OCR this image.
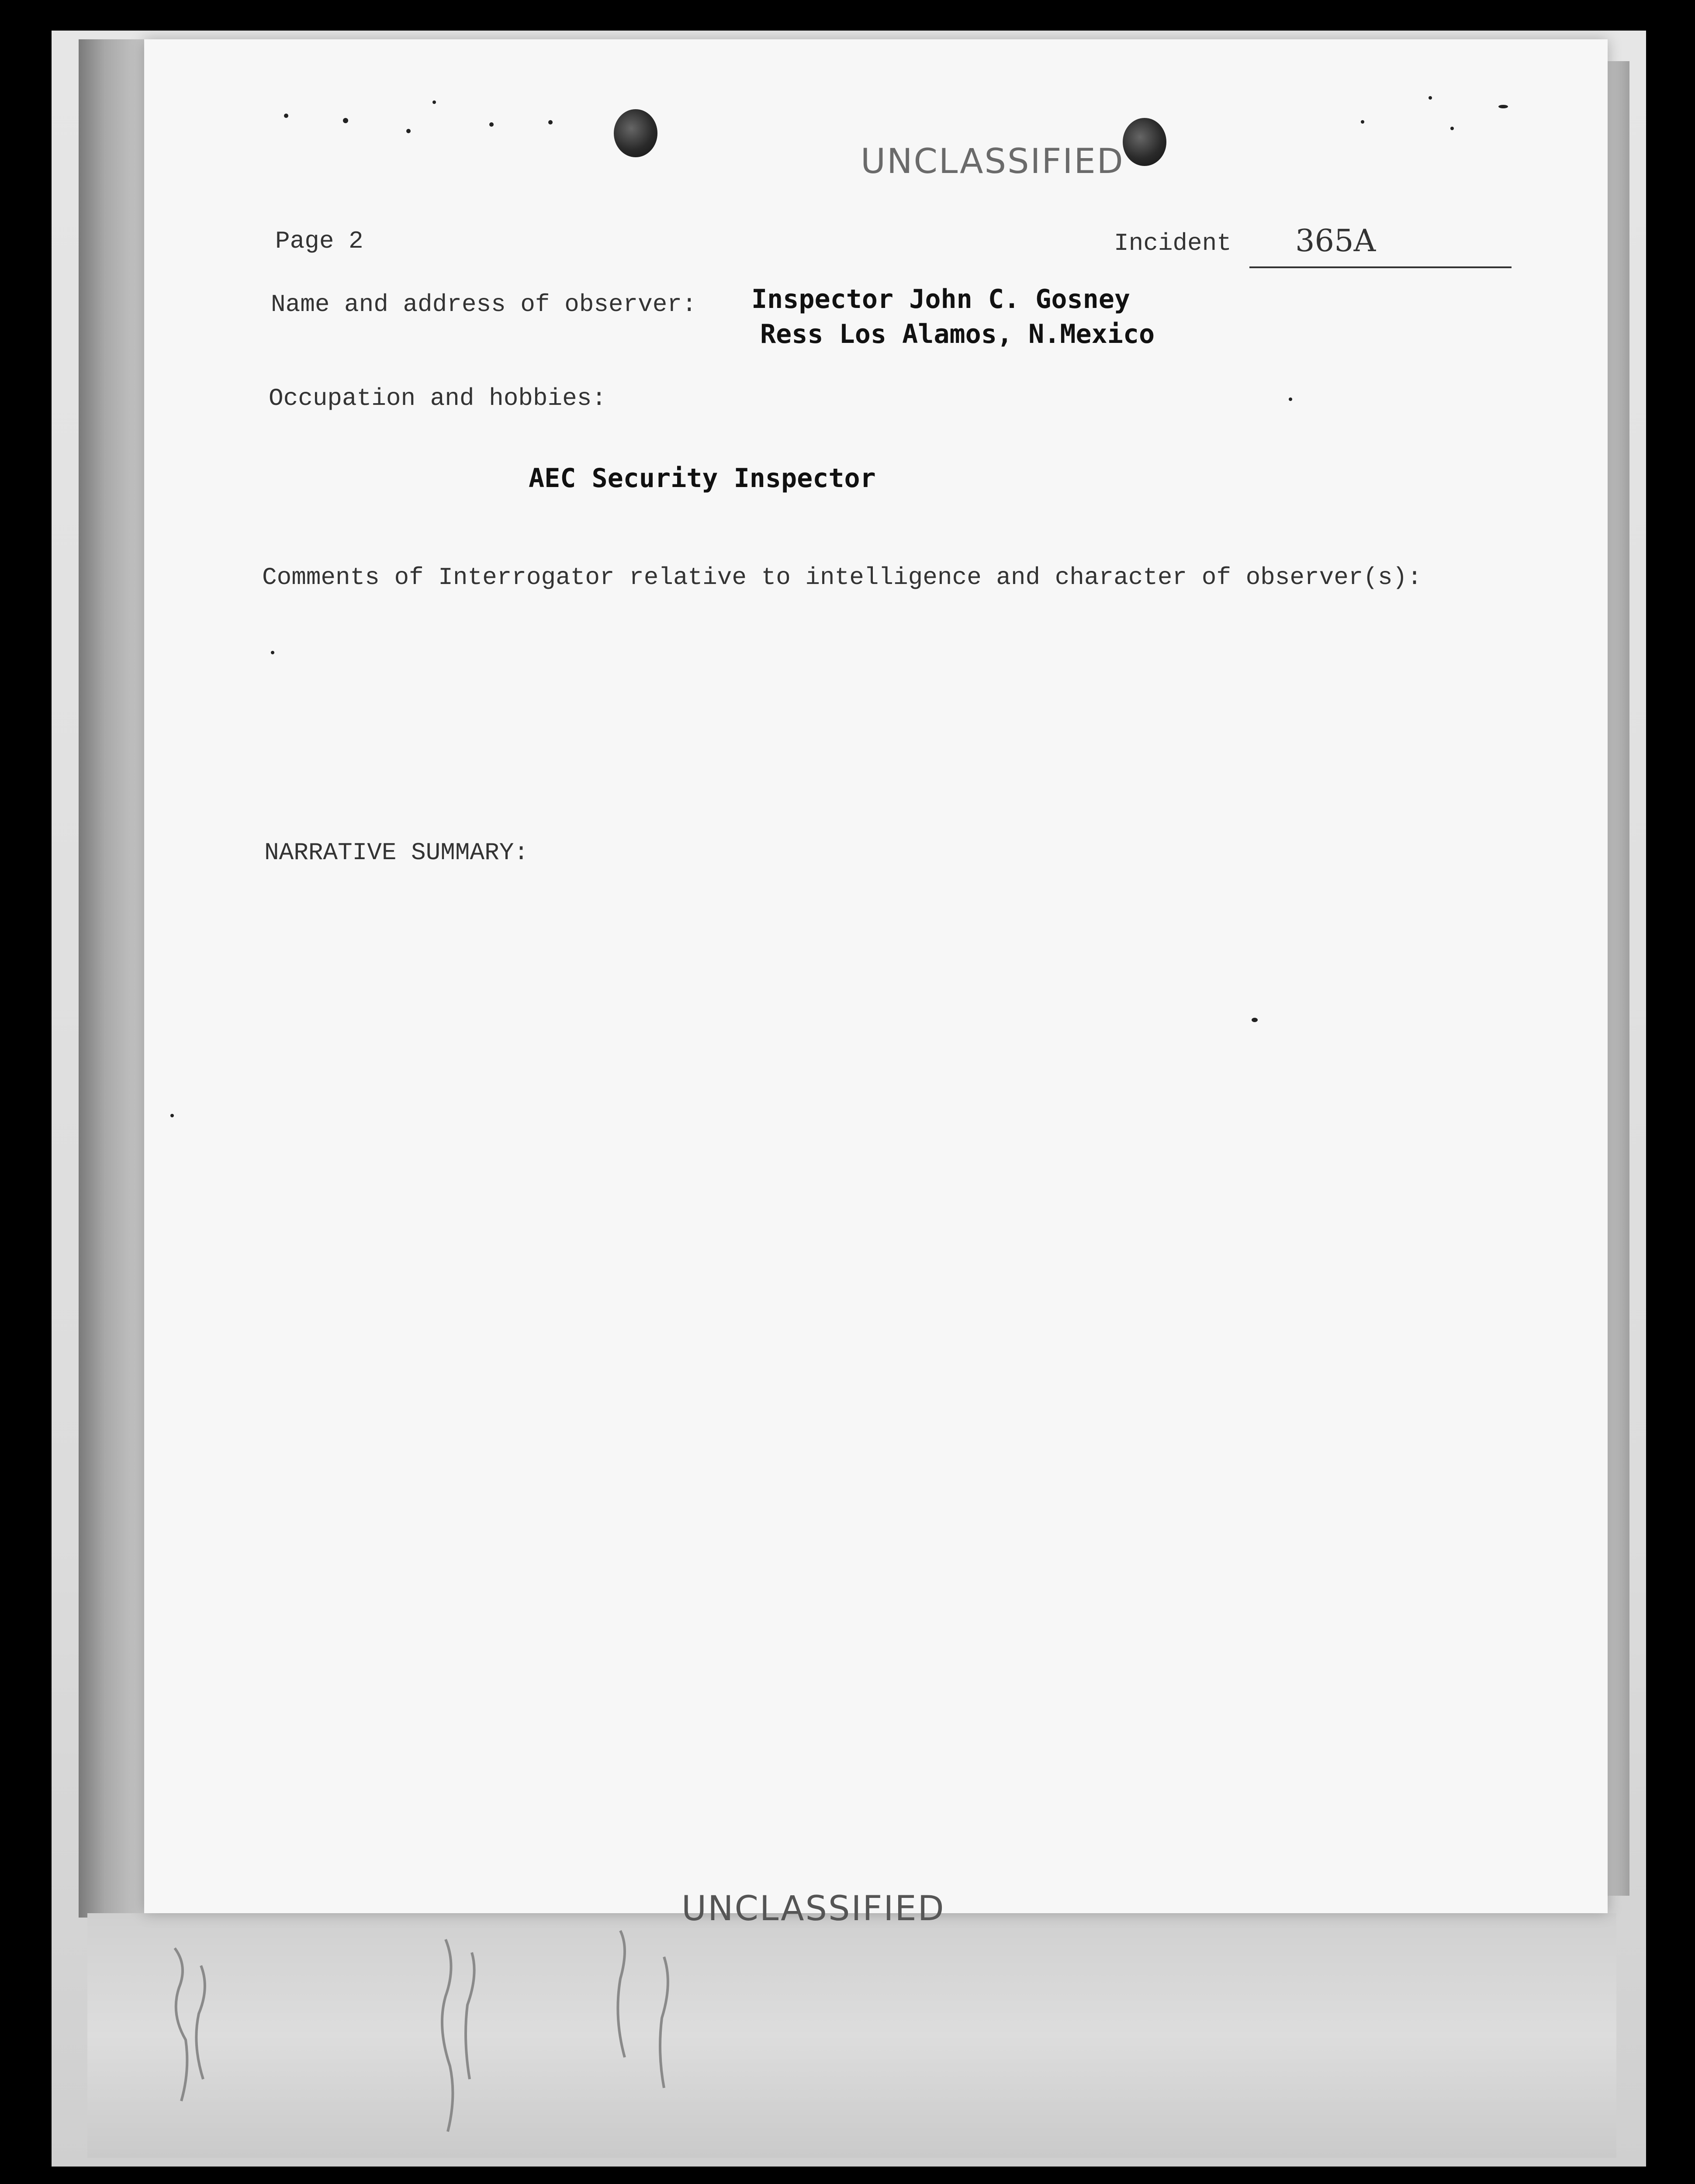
UNCLASSIFIED
Page 2	Incident 365A
Name and address of observer: Inspector John C. Gosney
Ress Los Alamos, N.Mexico
Occupation and hobbies:
AEC Security Inspector
Comments of Interrogator relative to intelligence and character of observer(s):
NARRATIVE SUMMARY:
UNCLASSIFIED
